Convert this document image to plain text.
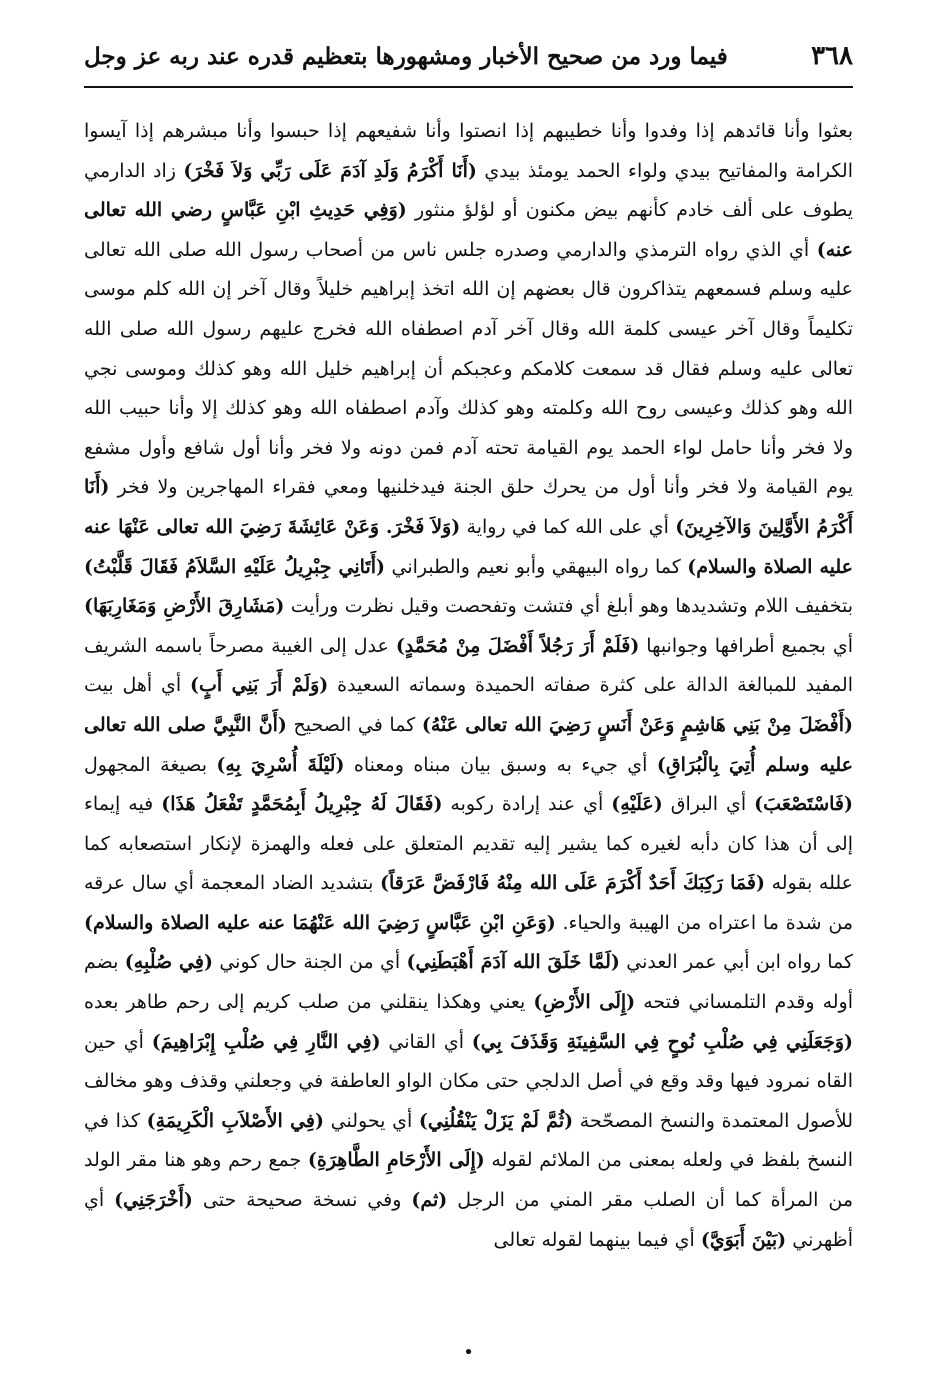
٣٦٨
فيما ورد من صحيح الأخبار ومشهورها بتعظيم قدره عند ربه عز وجل
بعثوا وأنا قائدهم إذا وفدوا وأنا خطيبهم إذا انصتوا وأنا شفيعهم إذا حبسوا وأنا مبشرهم إذا آيسوا الكرامة والمفاتيح بيدي ولواء الحمد يومئذ بيدي (أَنَا أَكْرَمُ وَلَدِ آدَمَ عَلَى رَبِّي وَلاَ فَخْرَ) زاد الدارمي يطوف على ألف خادم كأنهم بيض مكنون أو لؤلؤ منثور (وَفِي حَدِيثِ ابْنِ عَبَّاسٍ رضي الله تعالى عنه) أي الذي رواه الترمذي والدارمي وصدره جلس ناس من أصحاب رسول الله صلى الله تعالى عليه وسلم فسمعهم يتذاكرون قال بعضهم إن الله اتخذ إبراهيم خليلاً وقال آخر إن الله كلم موسى تكليماً وقال آخر عيسى كلمة الله وقال آخر آدم اصطفاه الله فخرج عليهم رسول الله صلى الله تعالى عليه وسلم فقال قد سمعت كلامكم وعجبكم أن إبراهيم خليل الله وهو كذلك وموسى نجي الله وهو كذلك وعيسى روح الله وكلمته وهو كذلك وآدم اصطفاه الله وهو كذلك إلا وأنا حبيب الله ولا فخر وأنا حامل لواء الحمد يوم القيامة تحته آدم فمن دونه ولا فخر وأنا أول شافع وأول مشفع يوم القيامة ولا فخر وأنا أول من يحرك حلق الجنة فيدخلنيها ومعي فقراء المهاجرين ولا فخر (أَنَا أَكْرَمُ الأَوَّلِينَ وَالآخِرِينَ) أي على الله كما في رواية (وَلاَ فَخْرَ. وَعَنْ عَائِشَةَ رَضِيَ الله تعالى عَنْهَا عنه عليه الصلاة والسلام) كما رواه البيهقي وأبو نعيم والطبراني (أَتَانِي جِبْرِيلُ عَلَيْهِ السَّلاَمُ فَقَالَ قَلَّبْتُ) بتخفيف اللام وتشديدها وهو أبلغ أي فتشت وتفحصت وقيل نظرت ورأيت (مَشَارِقَ الأَرْضِ وَمَغَارِبَهَا) أي بجميع أطرافها وجوانبها (فَلَمْ أَرَ رَجُلاً أَفْضَلَ مِنْ مُحَمَّدٍ) عدل إلى الغيبة مصرحاً باسمه الشريف المفيد للمبالغة الدالة على كثرة صفاته الحميدة وسماته السعيدة (وَلَمْ أَرَ بَنِي أَبٍ) أي أهل بيت (أَفْضَلَ مِنْ بَنِي هَاشِمٍ وَعَنْ أَنَسٍ رَضِيَ الله تعالى عَنْهُ) كما في الصحيح (أَنَّ النَّبِيَّ صلى الله تعالى عليه وسلم أُتِيَ بِالْبُرَاقِ) أي جيء به وسبق بيان مبناه ومعناه (لَيْلَةَ أُسْرِيَ بِهِ) بصيغة المجهول (فَاسْتَصْعَبَ) أي البراق (عَلَيْهِ) أي عند إرادة ركوبه (فَقَالَ لَهُ جِبْرِيلُ أَبِمُحَمَّدٍ تَفْعَلُ هَذَا) فيه إيماء إلى أن هذا كان دأبه لغيره كما يشير إليه تقديم المتعلق على فعله والهمزة لإنكار استصعابه كما علله بقوله (فَمَا رَكِبَكَ أَحَدٌ أَكْرَمَ عَلَى الله مِنْهُ فَارْفَضَّ عَرَقاً) بتشديد الضاد المعجمة أي سال عرقه من شدة ما اعتراه من الهيبة والحياء. (وَعَنِ ابْنِ عَبَّاسٍ رَضِيَ الله عَنْهُمَا عنه عليه الصلاة والسلام) كما رواه ابن أبي عمر العدني (لَمَّا خَلَقَ الله آدَمَ أَهْبَطَنِي) أي من الجنة حال كوني (فِي صُلْبِهِ) بضم أوله وقدم التلمساني فتحه (إِلَى الأَرْضِ) يعني وهكذا ينقلني من صلب كريم إلى رحم طاهر بعده (وَجَعَلَنِي فِي صُلْبِ نُوحٍ فِي السَّفِينَةِ وَقَذَفَ بِي) أي القاني (فِي النَّارِ فِي صُلْبِ إِبْرَاهِيمَ) أي حين القاه نمرود فيها وقد وقع في أصل الدلجي حتى مكان الواو العاطفة في وجعلني وقذف وهو مخالف للأصول المعتمدة والنسخ المصحّحة (ثُمَّ لَمْ يَزَلْ يَنْقُلُنِي) أي يحولني (فِي الأَصْلاَبِ الْكَرِيمَةِ) كذا في النسخ بلفظ في ولعله بمعنى من الملائم لقوله (إِلَى الأَرْحَامِ الطَّاهِرَةِ) جمع رحم وهو هنا مقر الولد من المرأة كما أن الصلب مقر المني من الرجل (ثم) وفي نسخة صحيحة حتى (أَخْرَجَنِي) أي أظهرني (بَيْنَ أَبَوَيَّ) أي فيما بينهما لقوله تعالى
•
